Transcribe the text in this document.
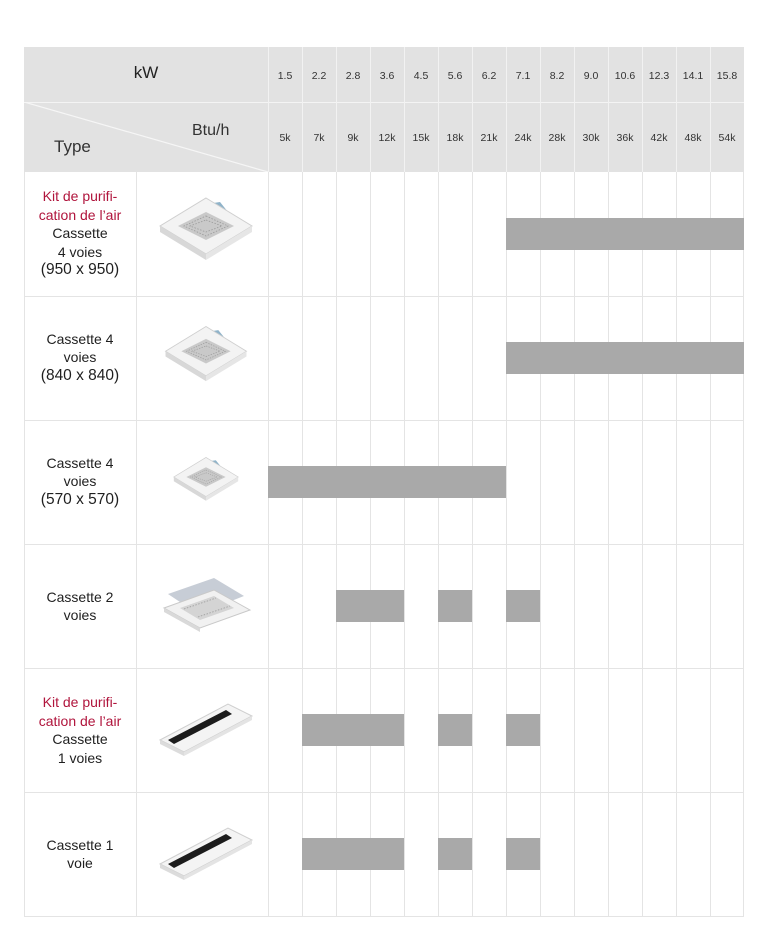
kW
Btu/h
Type
1.5
5k
2.2
7k
2.8
9k
3.6
12k
4.5
15k
5.6
18k
6.2
21k
7.1
24k
8.2
28k
9.0
30k
10.6
36k
12.3
42k
14.1
48k
15.8
54k
Kit de purifi-
cation de l’air
Cassette
4 voies
(950 x 950)
Cassette 4
voies
(840 x 840)
Cassette 4
voies
(570 x 570)
Cassette 2
voies
Kit de purifi-
cation de l’air
Cassette
1 voies
Cassette 1
voie
